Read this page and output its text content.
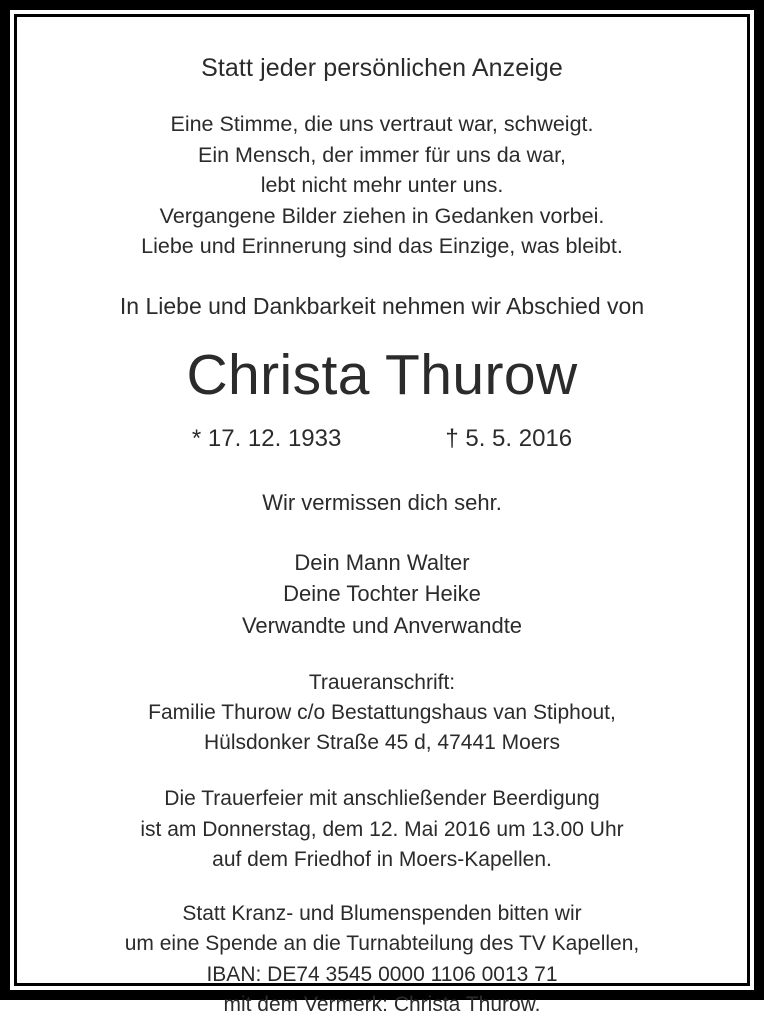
Statt jeder persönlichen Anzeige
Eine Stimme, die uns vertraut war, schweigt.
Ein Mensch, der immer für uns da war,
lebt nicht mehr unter uns.
Vergangene Bilder ziehen in Gedanken vorbei.
Liebe und Erinnerung sind das Einzige, was bleibt.
In Liebe und Dankbarkeit nehmen wir Abschied von
Christa Thurow
* 17. 12. 1933	† 5. 5. 2016
Wir vermissen dich sehr.
Dein Mann Walter
Deine Tochter Heike
Verwandte und Anverwandte
Traueranschrift:
Familie Thurow c/o Bestattungshaus van Stiphout,
Hülsdonker Straße 45 d, 47441 Moers
Die Trauerfeier mit anschließender Beerdigung
ist am Donnerstag, dem 12. Mai 2016 um 13.00 Uhr
auf dem Friedhof in Moers-Kapellen.
Statt Kranz- und Blumenspenden bitten wir
um eine Spende an die Turnabteilung des TV Kapellen,
IBAN: DE74 3545 0000 1106 0013 71
mit dem Vermerk: Christa Thurow.
